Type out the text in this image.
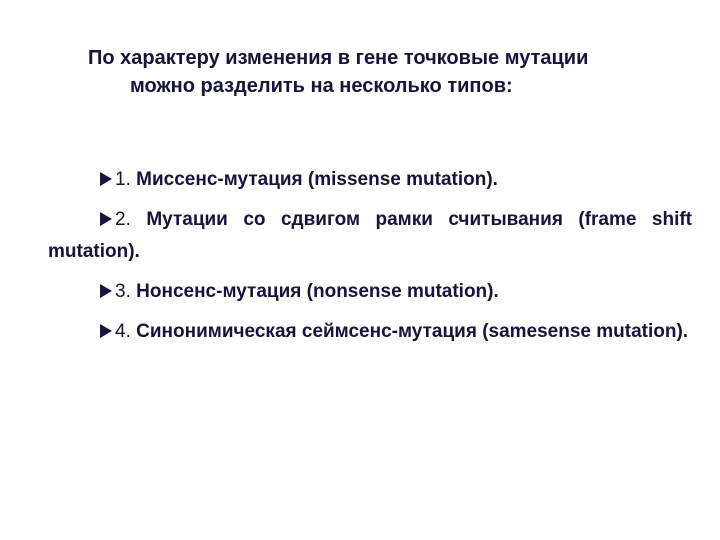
По характеру изменения в гене точковые мутации
можно разделить на несколько типов:

1. Миссенс-мутация (missense mutation).
2. Мутации со сдвигом рамки считывания (frame shift mutation).
3. Нонсенс-мутация (nonsense mutation).
4. Синонимическая сеймсенс-мутация (samesense mutation).
